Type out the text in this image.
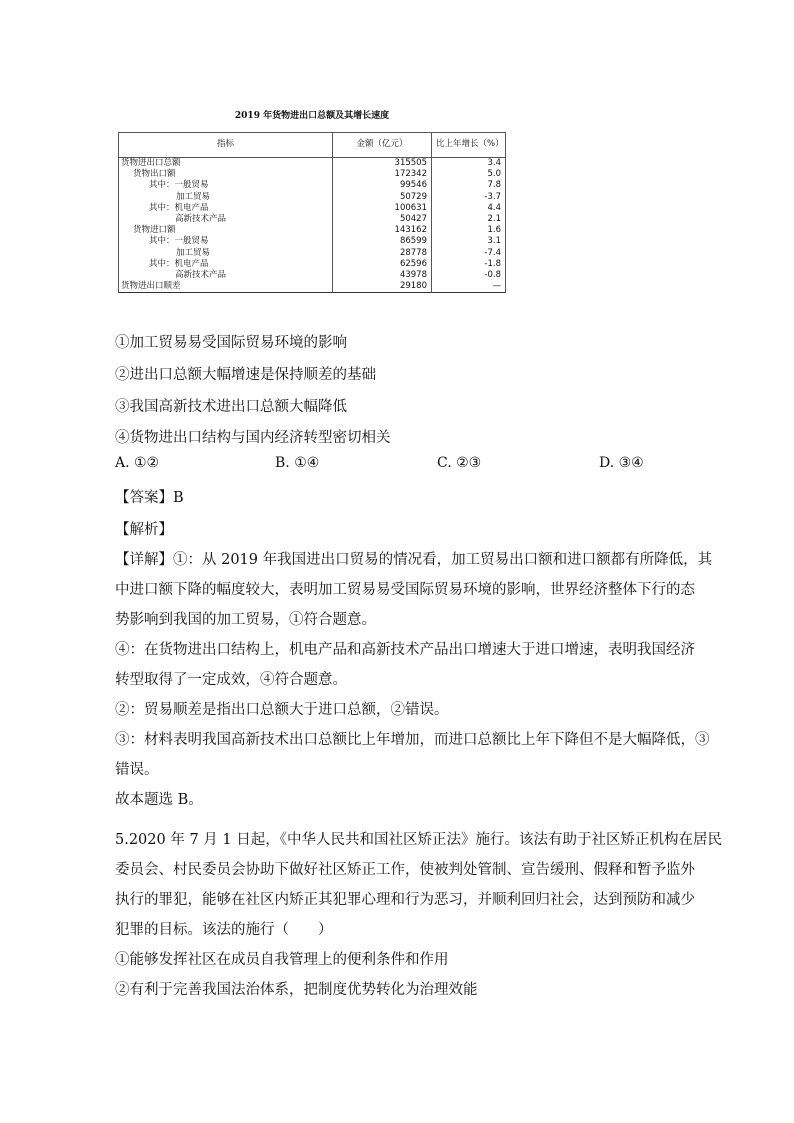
2019 年货物进出口总额及其增长速度
指标	金额（亿元）	比上年增长（%）
货物进出口总额	315505	3.4
货物出口额	172342	5.0
其中：一般贸易	99546	7.8
加工贸易	50729	-3.7
其中：机电产品	100631	4.4
高新技术产品	50427	2.1
货物进口额	143162	1.6
其中：一般贸易	86599	3.1
加工贸易	28778	-7.4
其中：机电产品	62596	-1.8
高新技术产品	43978	-0.8
货物进出口顺差	29180	—
①加工贸易易受国际贸易环境的影响
②进出口总额大幅增速是保持顺差的基础
③我国高新技术进出口总额大幅降低
④货物进出口结构与国内经济转型密切相关
A. ①②	B. ①④	C. ②③	D. ③④
【答案】B
【解析】
【详解】①：从 2019 年我国进出口贸易的情况看，加工贸易出口额和进口额都有所降低，其
中进口额下降的幅度较大，表明加工贸易易受国际贸易环境的影响，世界经济整体下行的态
势影响到我国的加工贸易，①符合题意。
④：在货物进出口结构上，机电产品和高新技术产品出口增速大于进口增速，表明我国经济
转型取得了一定成效，④符合题意。
②：贸易顺差是指出口总额大于进口总额，②错误。
③：材料表明我国高新技术出口总额比上年增加，而进口总额比上年下降但不是大幅降低，③
错误。
故本题选 B。
5.2020 年 7 月 1 日起，《中华人民共和国社区矫正法》施行。该法有助于社区矫正机构在居民
委员会、村民委员会协助下做好社区矫正工作，使被判处管制、宣告缓刑、假释和暂予监外
执行的罪犯，能够在社区内矫正其犯罪心理和行为恶习，并顺利回归社会，达到预防和减少
犯罪的目标。该法的施行（　　）
①能够发挥社区在成员自我管理上的便利条件和作用
②有利于完善我国法治体系，把制度优势转化为治理效能
